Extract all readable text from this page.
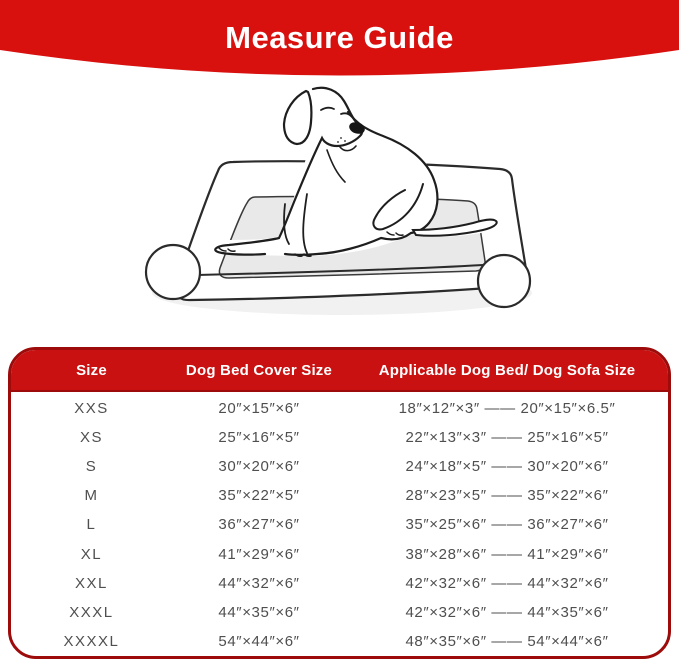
Measure Guide
Size	Dog Bed Cover Size	Applicable Dog Bed/ Dog Sofa Size
XXS	20″×15″×6″	18″×12″×3″ —— 20″×15″×6.5″
XS	25″×16″×5″	22″×13″×3″ —— 25″×16″×5″
S	30″×20″×6″	24″×18″×5″ —— 30″×20″×6″
M	35″×22″×5″	28″×23″×5″ —— 35″×22″×6″
L	36″×27″×6″	35″×25″×6″ —— 36″×27″×6″
XL	41″×29″×6″	38″×28″×6″ —— 41″×29″×6″
XXL	44″×32″×6″	42″×32″×6″ —— 44″×32″×6″
XXXL	44″×35″×6″	42″×32″×6″ —— 44″×35″×6″
XXXXL	54″×44″×6″	48″×35″×6″ —— 54″×44″×6″
